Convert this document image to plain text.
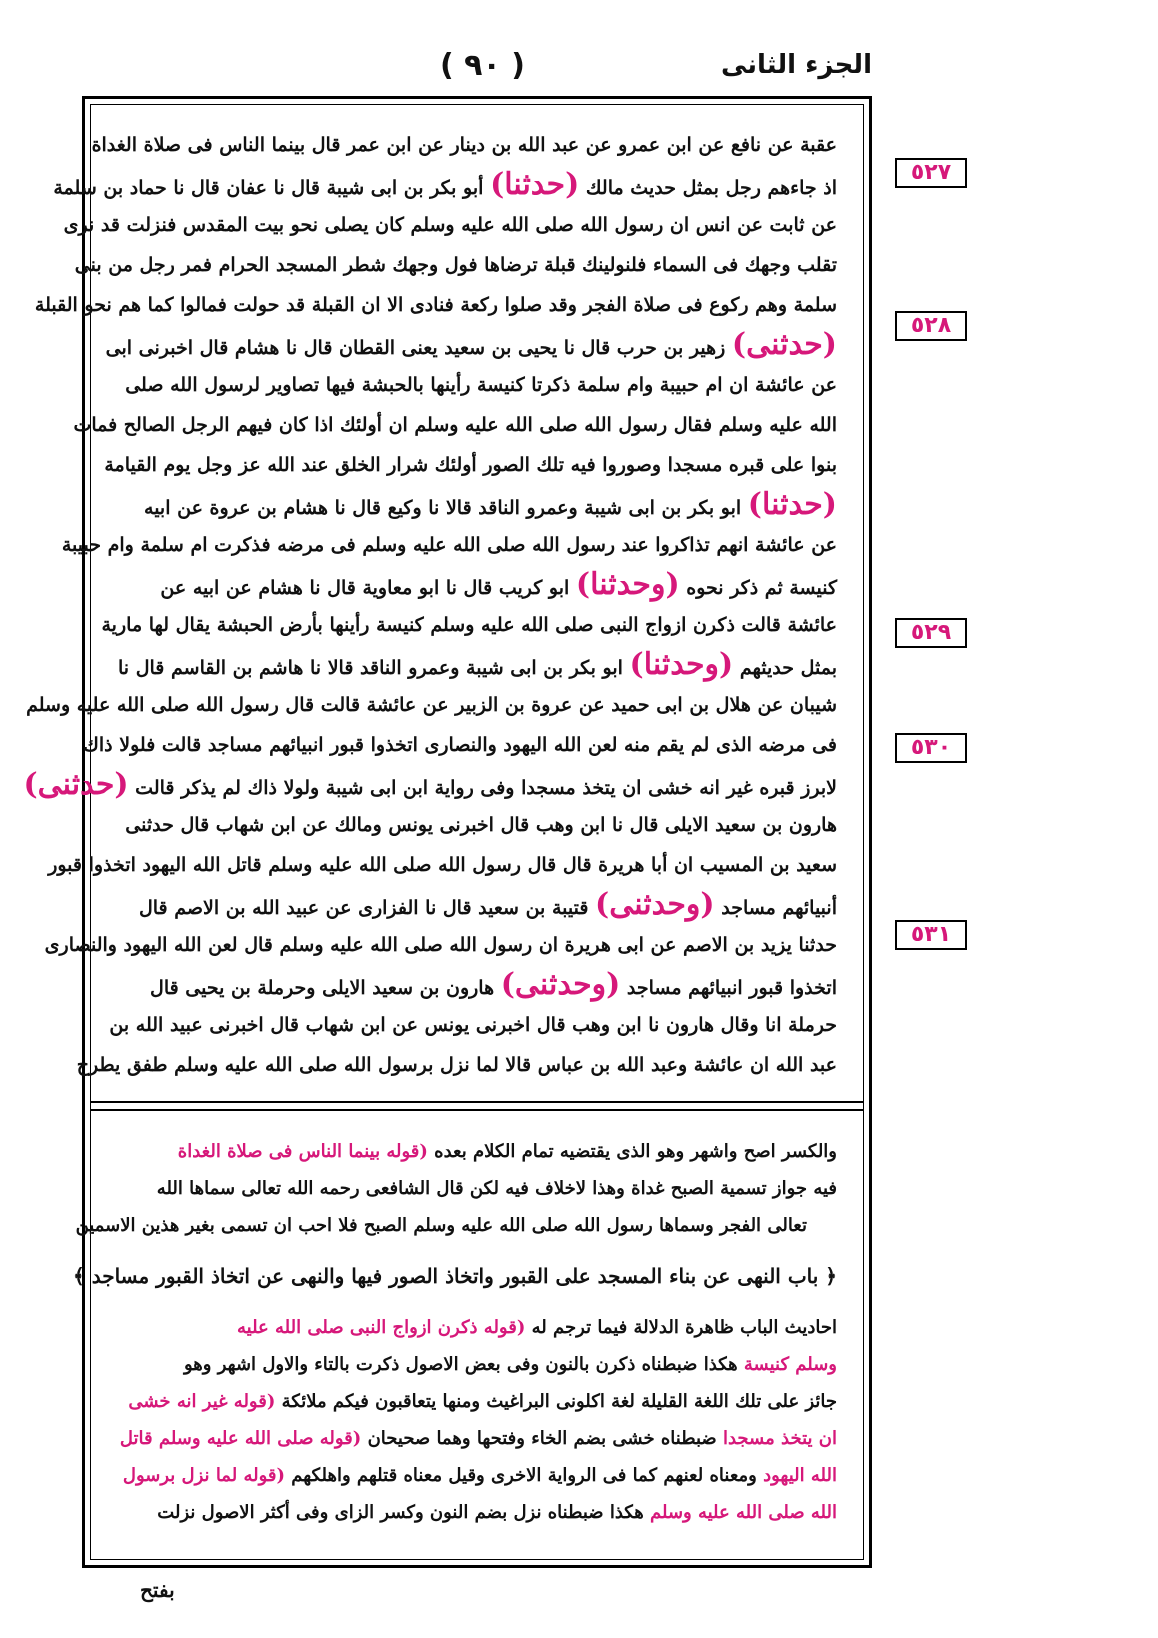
( ٩٠ )	الجزء الثانى
عقبة عن نافع عن ابن عمرو عن عبد الله بن دينار عن ابن عمر قال بينما الناس فى صلاة الغداة
اذ جاءهم رجل بمثل حديث مالك (حدثنا) أبو بكر بن ابى شيبة قال نا عفان قال نا حماد بن سلمة
عن ثابت عن انس ان رسول الله صلى الله عليه وسلم كان يصلى نحو بيت المقدس فنزلت قد نرى
تقلب وجهك فى السماء فلنولينك قبلة ترضاها فول وجهك شطر المسجد الحرام فمر رجل من بنى
سلمة وهم ركوع فى صلاة الفجر وقد صلوا ركعة فنادى الا ان القبلة قد حولت فمالوا كما هم نحو القبلة
(حدثنى) زهير بن حرب قال نا يحيى بن سعيد يعنى القطان قال نا هشام قال اخبرنى ابى
عن عائشة ان ام حبيبة وام سلمة ذكرتا كنيسة رأينها بالحبشة فيها تصاوير لرسول الله صلى
الله عليه وسلم فقال رسول الله صلى الله عليه وسلم ان أولئك اذا كان فيهم الرجل الصالح فمات
بنوا على قبره مسجدا وصوروا فيه تلك الصور أولئك شرار الخلق عند الله عز وجل يوم القيامة
(حدثنا) ابو بكر بن ابى شيبة وعمرو الناقد قالا نا وكيع قال نا هشام بن عروة عن ابيه
عن عائشة انهم تذاكروا عند رسول الله صلى الله عليه وسلم فى مرضه فذكرت ام سلمة وام حبيبة
كنيسة ثم ذكر نحوه (وحدثنا) ابو كريب قال نا ابو معاوية قال نا هشام عن ابيه عن
عائشة قالت ذكرن ازواج النبى صلى الله عليه وسلم كنيسة رأينها بأرض الحبشة يقال لها مارية
بمثل حديثهم (وحدثنا) ابو بكر بن ابى شيبة وعمرو الناقد قالا نا هاشم بن القاسم قال نا
شيبان عن هلال بن ابى حميد عن عروة بن الزبير عن عائشة قالت قال رسول الله صلى الله عليه وسلم
فى مرضه الذى لم يقم منه لعن الله اليهود والنصارى اتخذوا قبور انبيائهم مساجد قالت فلولا ذاك
لابرز قبره غير انه خشى ان يتخذ مسجدا وفى رواية ابن ابى شيبة ولولا ذاك لم يذكر قالت (حدثنى)
هارون بن سعيد الايلى قال نا ابن وهب قال اخبرنى يونس ومالك عن ابن شهاب قال حدثنى
سعيد بن المسيب ان أبا هريرة قال قال رسول الله صلى الله عليه وسلم قاتل الله اليهود اتخذوا قبور
أنبيائهم مساجد (وحدثنى) قتيبة بن سعيد قال نا الفزارى عن عبيد الله بن الاصم قال
حدثنا يزيد بن الاصم عن ابى هريرة ان رسول الله صلى الله عليه وسلم قال لعن الله اليهود والنصارى
اتخذوا قبور انبيائهم مساجد (وحدثنى) هارون بن سعيد الايلى وحرملة بن يحيى قال
حرملة انا وقال هارون نا ابن وهب قال اخبرنى يونس عن ابن شهاب قال اخبرنى عبيد الله بن
عبد الله ان عائشة وعبد الله بن عباس قالا لما نزل برسول الله صلى الله عليه وسلم طفق يطرح
والكسر اصح واشهر وهو الذى يقتضيه تمام الكلام بعده (قوله بينما الناس فى صلاة الغداة
فيه جواز تسمية الصبح غداة وهذا لاخلاف فيه لكن قال الشافعى رحمه الله تعالى سماها الله
تعالى الفجر وسماها رسول الله صلى الله عليه وسلم الصبح فلا احب ان تسمى بغير هذين الاسمين
﴿ باب النهى عن بناء المسجد على القبور واتخاذ الصور فيها والنهى عن اتخاذ القبور مساجد ﴾
احاديث الباب ظاهرة الدلالة فيما ترجم له (قوله ذكرن ازواج النبى صلى الله عليه
وسلم كنيسة هكذا ضبطناه ذكرن بالنون وفى بعض الاصول ذكرت بالتاء والاول اشهر وهو
جائز على تلك اللغة القليلة لغة اكلونى البراغيث ومنها يتعاقبون فيكم ملائكة (قوله غير انه خشى
ان يتخذ مسجدا ضبطناه خشى بضم الخاء وفتحها وهما صحيحان (قوله صلى الله عليه وسلم قاتل
الله اليهود ومعناه لعنهم كما فى الرواية الاخرى وقيل معناه قتلهم واهلكهم (قوله لما نزل برسول
الله صلى الله عليه وسلم هكذا ضبطناه نزل بضم النون وكسر الزاى وفى أكثر الاصول نزلت
٥٢٧
٥٢٨
٥٢٩
٥٣٠
٥٣١
بفتح
